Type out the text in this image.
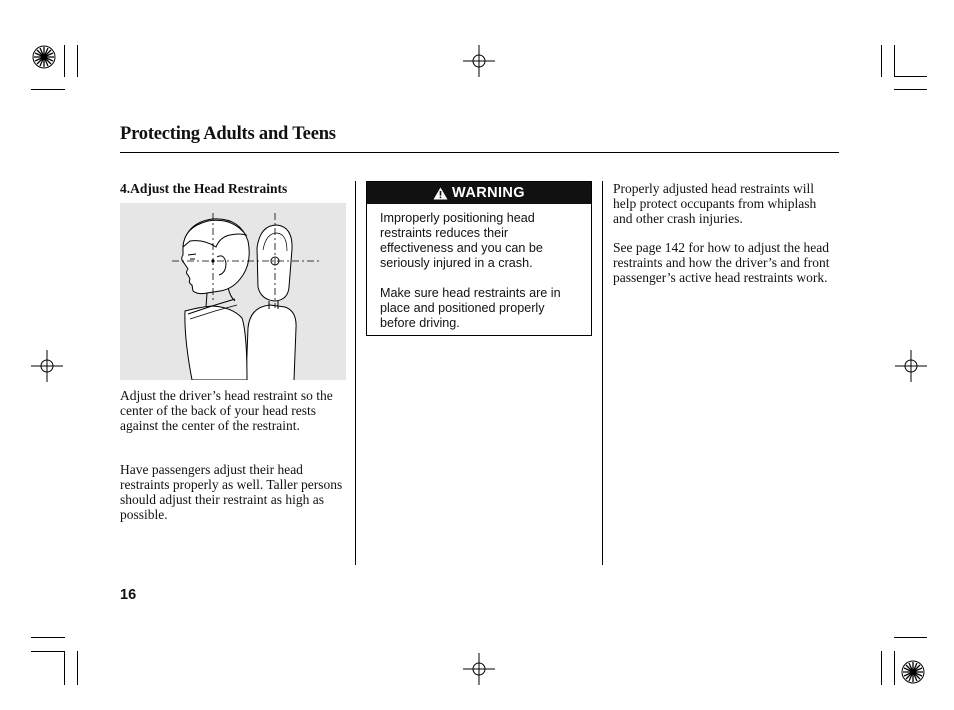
Protecting Adults and Teens
4.Adjust the Head Restraints

Adjust the driver’s head restraint so the center of the back of your head rests against the center of the restraint.

Have passengers adjust their head restraints properly as well. Taller persons should adjust their restraint as high as possible.

WARNING

Improperly positioning head restraints reduces their effectiveness and you can be seriously injured in a crash.

Make sure head restraints are in place and positioned properly before driving.

Properly adjusted head restraints will help protect occupants from whiplash and other crash injuries.

See page 142 for how to adjust the head restraints and how the driver’s and front passenger’s active head restraints work.

16
